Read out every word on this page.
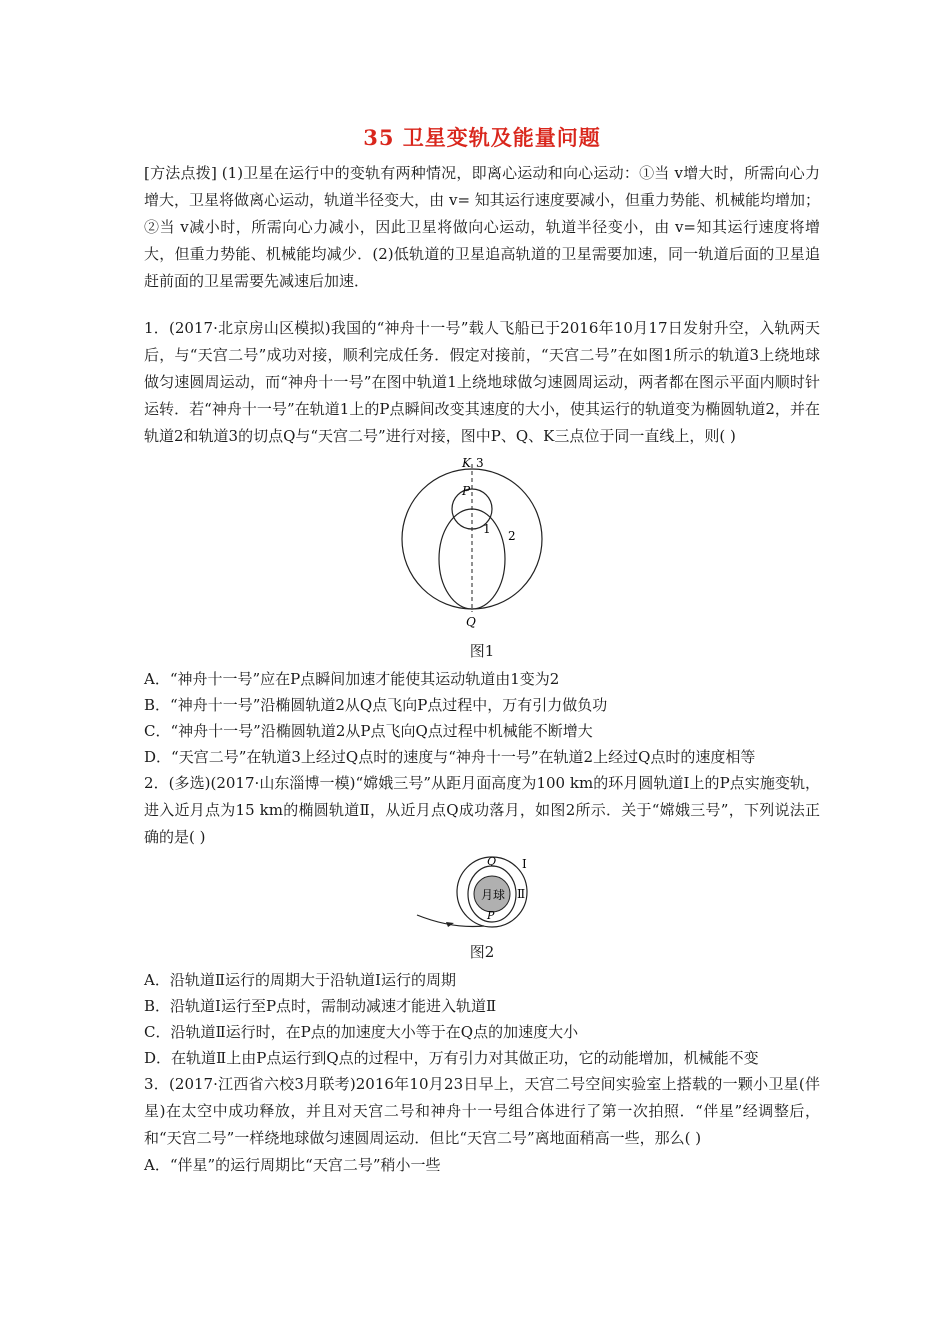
35 卫星变轨及能量问题

[方法点拨] (1)卫星在运行中的变轨有两种情况，即离心运动和向心运动：①当 v增大时，所需向心力增大，卫星将做离心运动，轨道半径变大，由 v= 知其运行速度要减小，但重力势能、机械能均增加；②当 v减小时，所需向心力减小，因此卫星将做向心运动，轨道半径变小，由 v=知其运行速度将增大，但重力势能、机械能均减少．(2)低轨道的卫星追高轨道的卫星需要加速，同一轨道后面的卫星追赶前面的卫星需要先减速后加速．

1．(2017·北京房山区模拟)我国的“神舟十一号”载人飞船已于2016年10月17日发射升空，入轨两天后，与“天宫二号”成功对接，顺利完成任务．假定对接前，“天宫二号”在如图1所示的轨道3上绕地球做匀速圆周运动，而“神舟十一号”在图中轨道1上绕地球做匀速圆周运动，两者都在图示平面内顺时针运转．若“神舟十一号”在轨道1上的P点瞬间改变其速度的大小，使其运行的轨道变为椭圆轨道2，并在轨道2和轨道3的切点Q与“天宫二号”进行对接，图中P、Q、K三点位于同一直线上，则( )

K 3
P
1 2
Q
图1

A．“神舟十一号”应在P点瞬间加速才能使其运动轨道由1变为2

B．“神舟十一号”沿椭圆轨道2从Q点飞向P点过程中，万有引力做负功

C．“神舟十一号”沿椭圆轨道2从P点飞向Q点过程中机械能不断增大

D．“天宫二号”在轨道3上经过Q点时的速度与“神舟十一号”在轨道2上经过Q点时的速度相等

2．(多选)(2017·山东淄博一模)“嫦娥三号”从距月面高度为100 km的环月圆轨道Ⅰ上的P点实施变轨，进入近月点为15 km的椭圆轨道Ⅱ，从近月点Q成功落月，如图2所示．关于“嫦娥三号”，下列说法正确的是( )

Q Ⅰ
月球 Ⅱ
P
图2

A．沿轨道Ⅱ运行的周期大于沿轨道Ⅰ运行的周期

B．沿轨道Ⅰ运行至P点时，需制动减速才能进入轨道Ⅱ

C．沿轨道Ⅱ运行时，在P点的加速度大小等于在Q点的加速度大小

D．在轨道Ⅱ上由P点运行到Q点的过程中，万有引力对其做正功，它的动能增加，机械能不变

3．(2017·江西省六校3月联考)2016年10月23日早上，天宫二号空间实验室上搭载的一颗小卫星(伴星)在太空中成功释放，并且对天宫二号和神舟十一号组合体进行了第一次拍照．“伴星”经调整后，和“天宫二号”一样绕地球做匀速圆周运动．但比“天宫二号”离地面稍高一些，那么( )

A．“伴星”的运行周期比“天宫二号”稍小一些
